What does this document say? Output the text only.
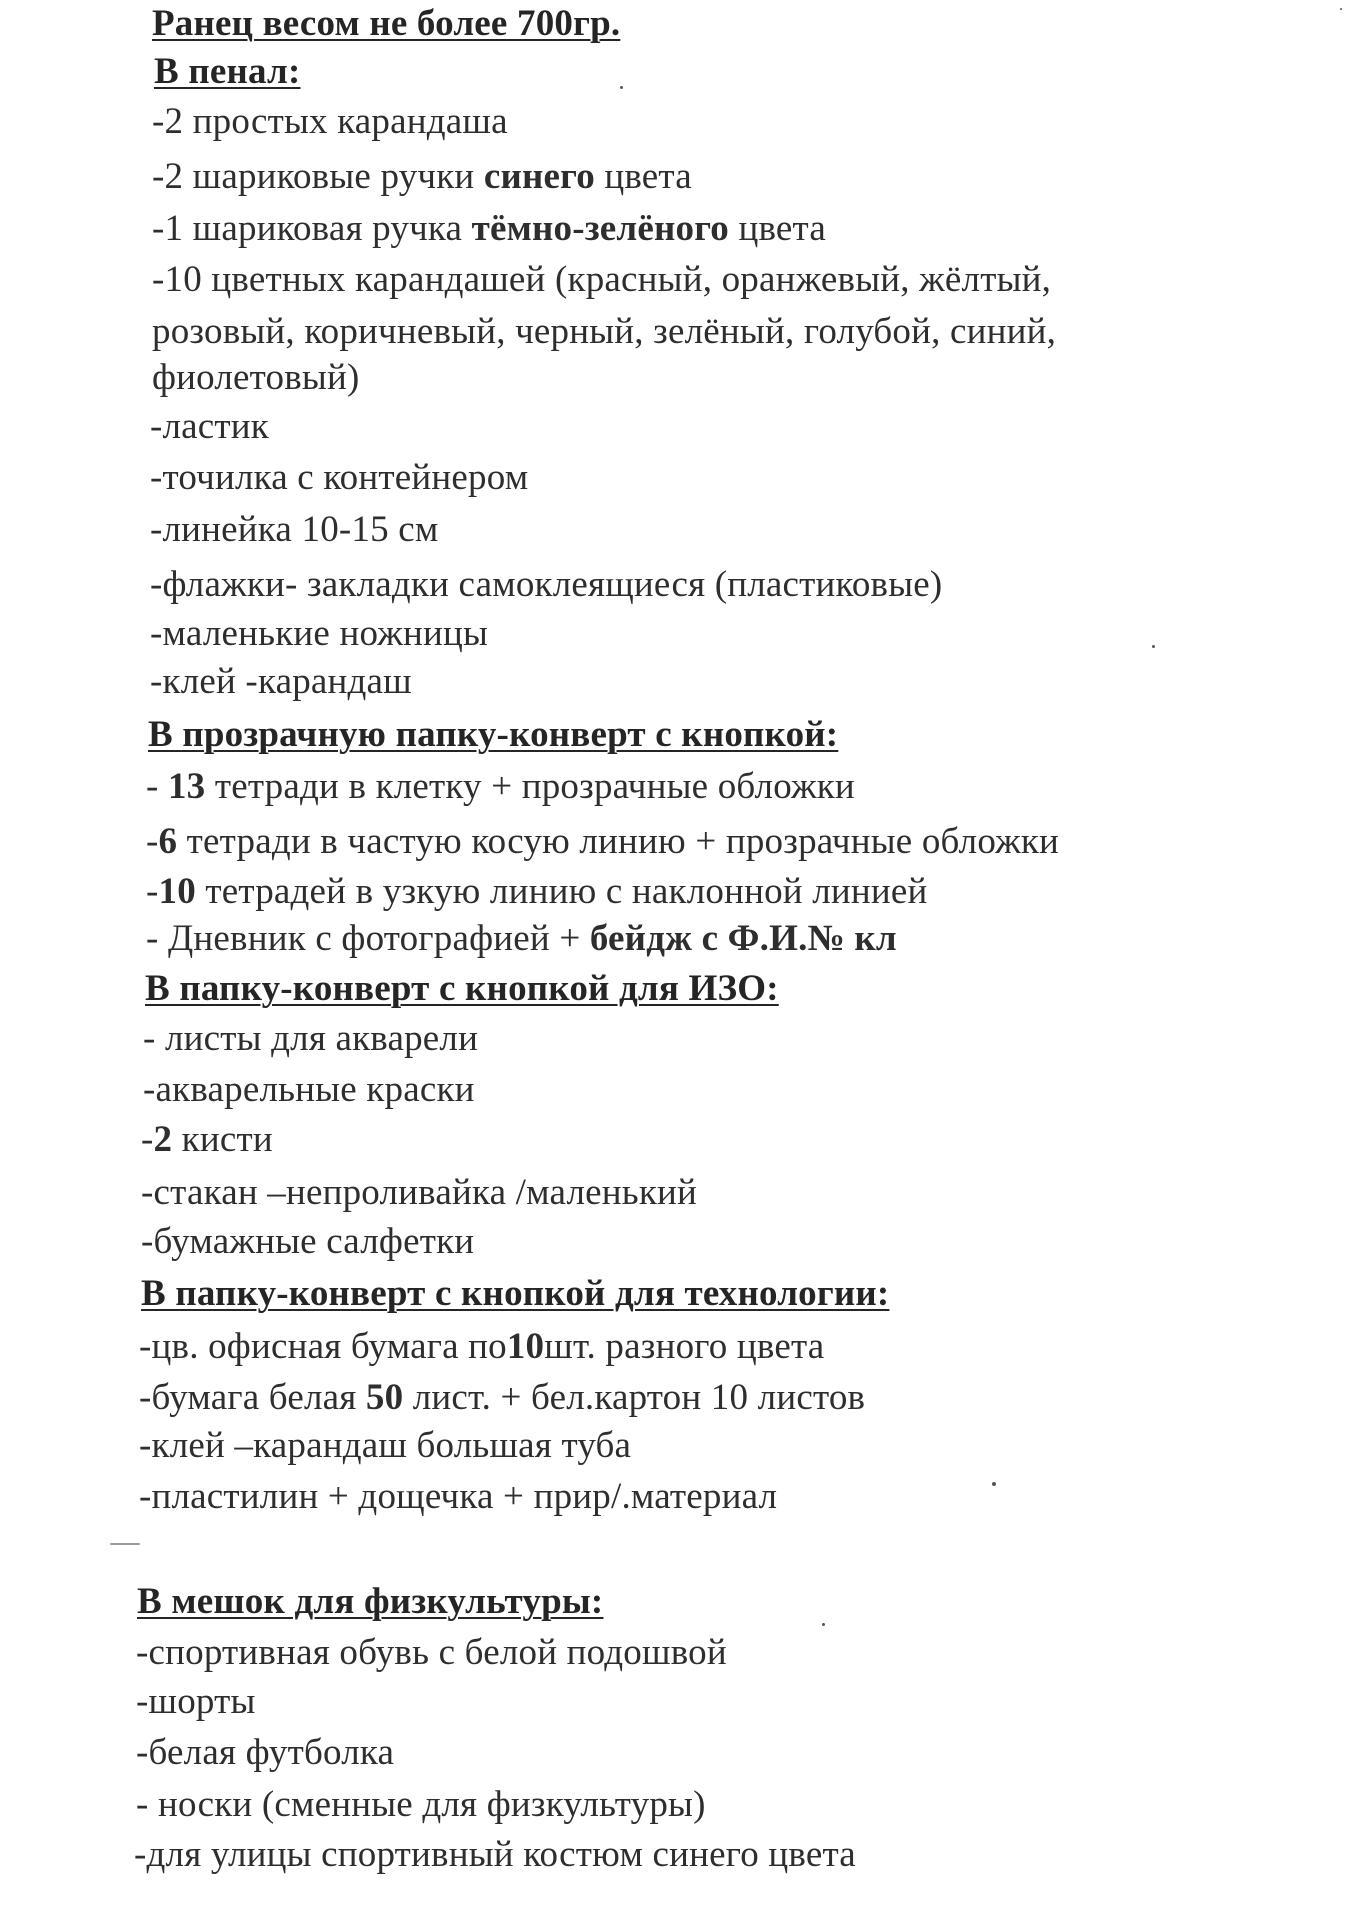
Ранец весом не более 700гр.
В пенал:
-2 простых карандаша
-2 шариковые ручки синего цвета
-1 шариковая ручка тёмно-зелёного цвета
-10 цветных карандашей (красный, оранжевый, жёлтый,
розовый, коричневый, черный, зелёный, голубой, синий,
фиолетовый)
-ластик
-точилка с контейнером
-линейка 10-15 см
-флажки- закладки самоклеящиеся (пластиковые)
-маленькие ножницы
-клей -карандаш
В прозрачную папку-конверт с кнопкой:
- 13 тетради в клетку + прозрачные обложки
-6 тетради в частую косую линию + прозрачные обложки
-10 тетрадей в узкую линию с наклонной линией
- Дневник с фотографией + бейдж с Ф.И.№ кл
В папку-конверт с кнопкой для ИЗО:
- листы для акварели
-акварельные краски
-2 кисти
-стакан –непроливайка /маленький
-бумажные салфетки
В папку-конверт с кнопкой для технологии:
-цв. офисная бумага по10шт. разного цвета
-бумага белая 50 лист. + бел.картон 10 листов
-клей –карандаш большая туба
-пластилин + дощечка + прир/.материал
В мешок для физкультуры:
-спортивная обувь с белой подошвой
-шорты
-белая футболка
- носки (сменные для физкультуры)
-для улицы спортивный костюм синего цвета
